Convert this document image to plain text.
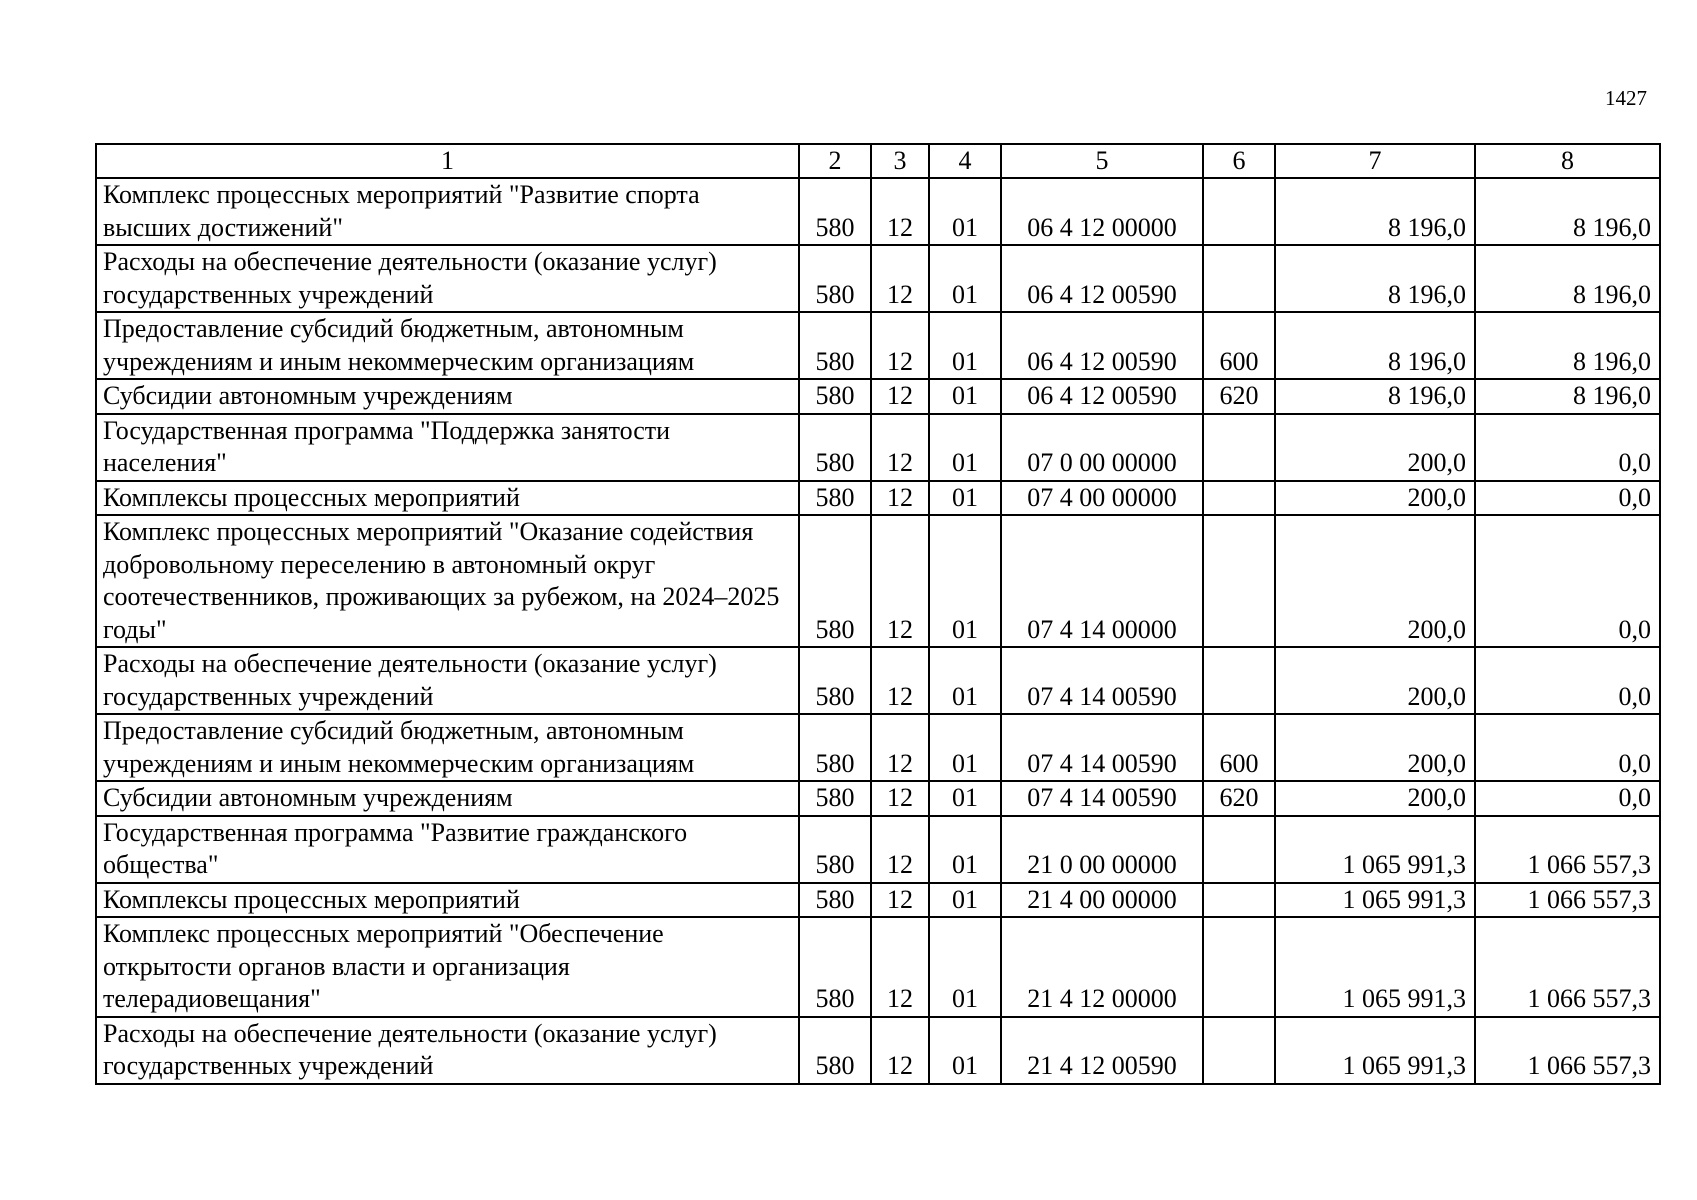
1427
1	2	3	4	5	6	7	8
Комплекс процессных мероприятий "Развитие спорта высших достижений"	580	12	01	06 4 12 00000		8 196,0	8 196,0
Расходы на обеспечение деятельности (оказание услуг) государственных учреждений	580	12	01	06 4 12 00590		8 196,0	8 196,0
Предоставление субсидий бюджетным, автономным учреждениям и иным некоммерческим организациям	580	12	01	06 4 12 00590	600	8 196,0	8 196,0
Субсидии автономным учреждениям	580	12	01	06 4 12 00590	620	8 196,0	8 196,0
Государственная программа "Поддержка занятости населения"	580	12	01	07 0 00 00000		200,0	0,0
Комплексы процессных мероприятий	580	12	01	07 4 00 00000		200,0	0,0
Комплекс процессных мероприятий "Оказание содействия добровольному переселению в автономный округ соотечественников, проживающих за рубежом, на 2024–2025 годы"	580	12	01	07 4 14 00000		200,0	0,0
Расходы на обеспечение деятельности (оказание услуг) государственных учреждений	580	12	01	07 4 14 00590		200,0	0,0
Предоставление субсидий бюджетным, автономным учреждениям и иным некоммерческим организациям	580	12	01	07 4 14 00590	600	200,0	0,0
Субсидии автономным учреждениям	580	12	01	07 4 14 00590	620	200,0	0,0
Государственная программа "Развитие гражданского общества"	580	12	01	21 0 00 00000		1 065 991,3	1 066 557,3
Комплексы процессных мероприятий	580	12	01	21 4 00 00000		1 065 991,3	1 066 557,3
Комплекс процессных мероприятий "Обеспечение открытости органов власти и организация телерадиовещания"	580	12	01	21 4 12 00000		1 065 991,3	1 066 557,3
Расходы на обеспечение деятельности (оказание услуг) государственных учреждений	580	12	01	21 4 12 00590		1 065 991,3	1 066 557,3
